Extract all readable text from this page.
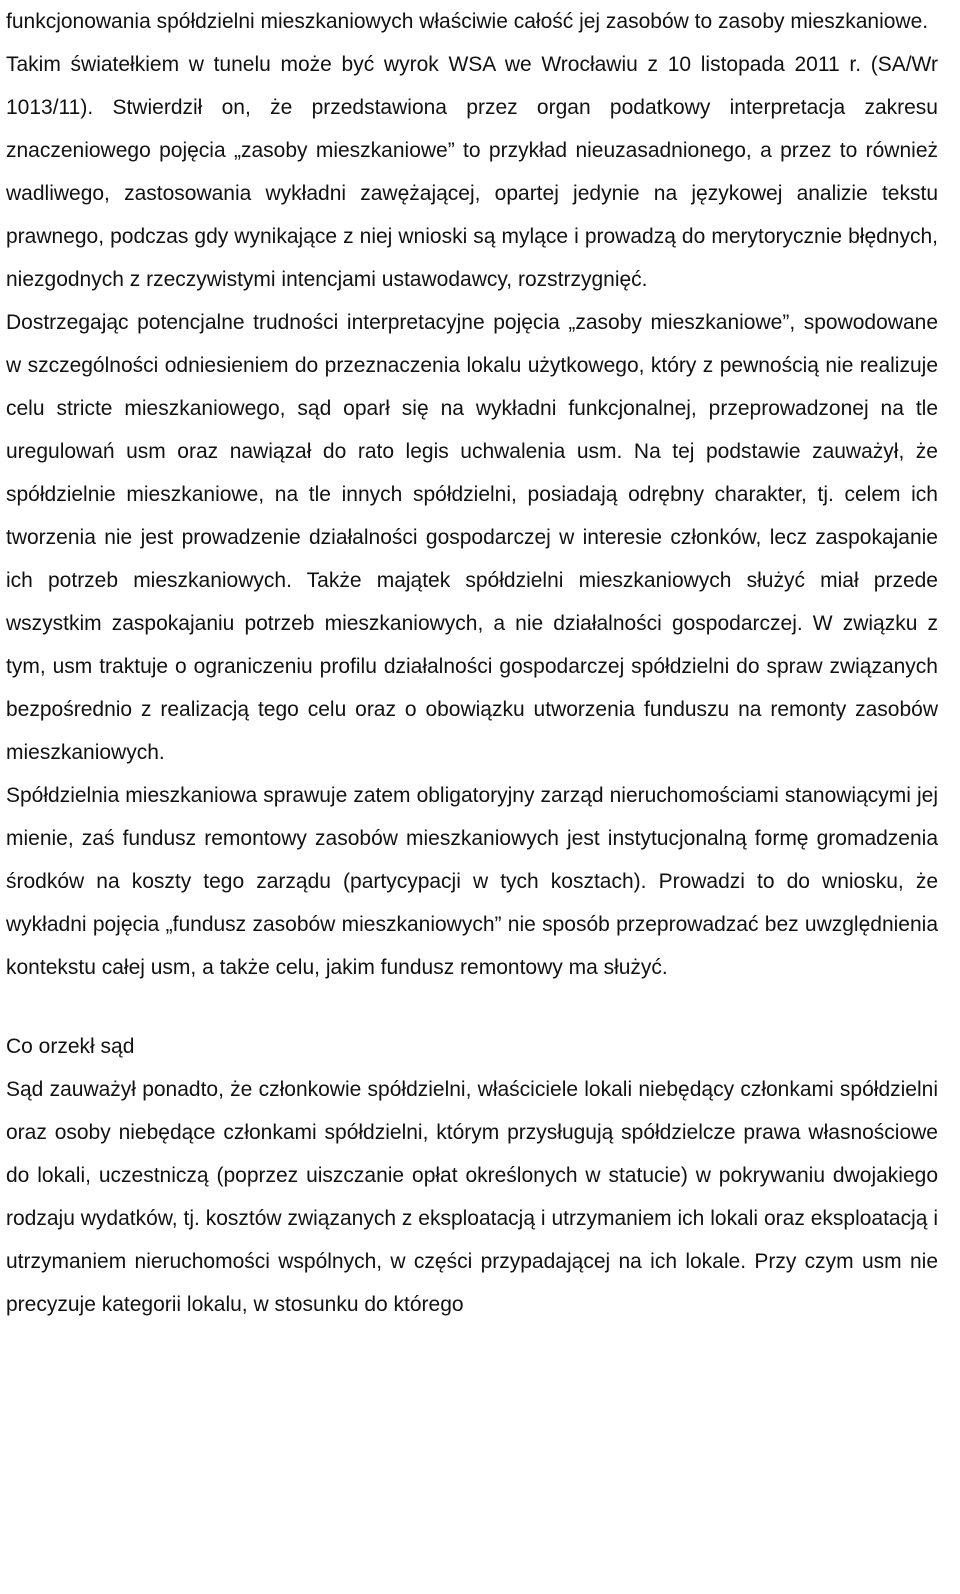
funkcjonowania spółdzielni mieszkaniowych właściwie całość jej zasobów to zasoby mieszkaniowe.

Takim światełkiem w tunelu może być wyrok WSA we Wrocławiu z 10 listopada 2011 r. (SA/Wr 1013/11). Stwierdził on, że przedstawiona przez organ podatkowy interpretacja zakresu znaczeniowego pojęcia „zasoby mieszkaniowe” to przykład nieuzasadnionego, a przez to również wadliwego, zastosowania wykładni zawężającej, opartej jedynie na językowej analizie tekstu prawnego, podczas gdy wynikające z niej wnioski są mylące i prowadzą do merytorycznie błędnych, niezgodnych z rzeczywistymi intencjami ustawodawcy, rozstrzygnięć.

Dostrzegając potencjalne trudności interpretacyjne pojęcia „zasoby mieszkaniowe”, spowodowane w szczególności odniesieniem do przeznaczenia lokalu użytkowego, który z pewnością nie realizuje celu stricte mieszkaniowego, sąd oparł się na wykładni funkcjonalnej, przeprowadzonej na tle uregulowań usm oraz nawiązał do rato legis uchwalenia usm. Na tej podstawie zauważył, że spółdzielnie mieszkaniowe, na tle innych spółdzielni, posiadają odrębny charakter, tj. celem ich tworzenia nie jest prowadzenie działalności gospodarczej w interesie członków, lecz zaspokajanie ich potrzeb mieszkaniowych. Także majątek spółdzielni mieszkaniowych służyć miał przede wszystkim zaspokajaniu potrzeb mieszkaniowych, a nie działalności gospodarczej. W związku z tym, usm traktuje o ograniczeniu profilu działalności gospodarczej spółdzielni do spraw związanych bezpośrednio z realizacją tego celu oraz o obowiązku utworzenia funduszu na remonty zasobów mieszkaniowych.

Spółdzielnia mieszkaniowa sprawuje zatem obligatoryjny zarząd nieruchomościami stanowiącymi jej mienie, zaś fundusz remontowy zasobów mieszkaniowych jest instytucjonalną formę gromadzenia środków na koszty tego zarządu (partycypacji w tych kosztach). Prowadzi to do wniosku, że wykładni pojęcia „fundusz zasobów mieszkaniowych” nie sposób przeprowadzać bez uwzględnienia kontekstu całej usm, a także celu, jakim fundusz remontowy ma służyć.

Co orzekł sąd

Sąd zauważył ponadto, że członkowie spółdzielni, właściciele lokali niebędący członkami spółdzielni oraz osoby niebędące członkami spółdzielni, którym przysługują spółdzielcze prawa własnościowe do lokali, uczestniczą (poprzez uiszczanie opłat określonych w statucie) w pokrywaniu dwojakiego rodzaju wydatków, tj. kosztów związanych z eksploatacją i utrzymaniem ich lokali oraz eksploatacją i utrzymaniem nieruchomości wspólnych, w części przypadającej na ich lokale. Przy czym usm nie precyzuje kategorii lokalu, w stosunku do którego
